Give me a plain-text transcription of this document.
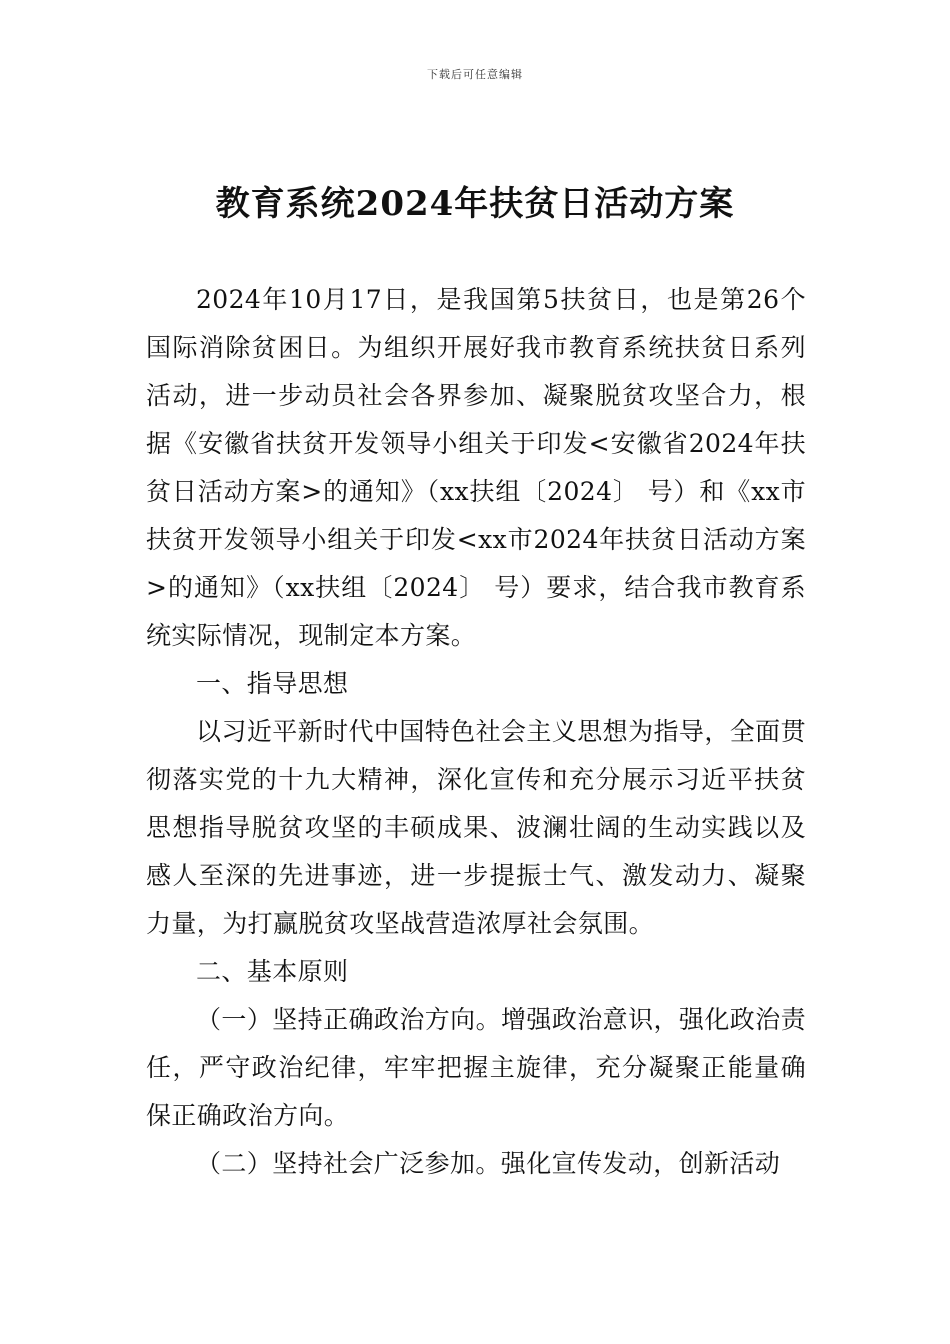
下载后可任意编辑
教育系统2024年扶贫日活动方案

2024年10月17日，是我国第5扶贫日，也是第26个国际消除贫困日。为组织开展好我市教育系统扶贫日系列活动，进一步动员社会各界参加、凝聚脱贫攻坚合力，根据《安徽省扶贫开发领导小组关于印发<安徽省2024年扶贫日活动方案>的通知》（xx扶组〔2024〕 号）和《xx市扶贫开发领导小组关于印发<xx市2024年扶贫日活动方案>的通知》（xx扶组〔2024〕 号）要求，结合我市教育系统实际情况，现制定本方案。

一、指导思想

以习近平新时代中国特色社会主义思想为指导，全面贯彻落实党的十九大精神，深化宣传和充分展示习近平扶贫思想指导脱贫攻坚的丰硕成果、波澜壮阔的生动实践以及感人至深的先进事迹，进一步提振士气、激发动力、凝聚力量，为打赢脱贫攻坚战营造浓厚社会氛围。

二、基本原则

（一）坚持正确政治方向。增强政治意识，强化政治责任，严守政治纪律，牢牢把握主旋律，充分凝聚正能量确保正确政治方向。

（二）坚持社会广泛参加。强化宣传发动，创新活动
